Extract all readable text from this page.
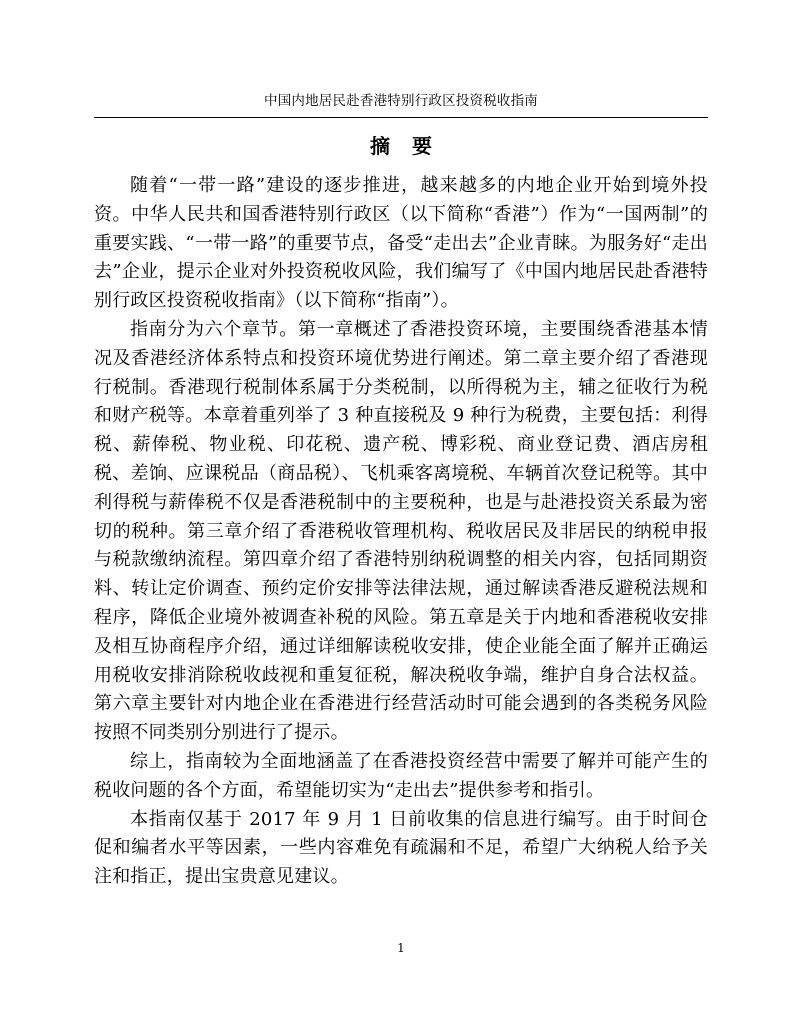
中国内地居民赴香港特别行政区投资税收指南
摘要

随着“一带一路”建设的逐步推进，越来越多的内地企业开始到境外投资。中华人民共和国香港特别行政区（以下简称“香港”）作为“一国两制”的重要实践、“一带一路”的重要节点，备受“走出去”企业青睐。为服务好“走出去”企业，提示企业对外投资税收风险，我们编写了《中国内地居民赴香港特别行政区投资税收指南》（以下简称“指南”）。

指南分为六个章节。第一章概述了香港投资环境，主要围绕香港基本情况及香港经济体系特点和投资环境优势进行阐述。第二章主要介绍了香港现行税制。香港现行税制体系属于分类税制，以所得税为主，辅之征收行为税和财产税等。本章着重列举了 3 种直接税及 9 种行为税费，主要包括：利得税、薪俸税、物业税、印花税、遗产税、博彩税、商业登记费、酒店房租税、差饷、应课税品（商品税）、飞机乘客离境税、车辆首次登记税等。其中利得税与薪俸税不仅是香港税制中的主要税种，也是与赴港投资关系最为密切的税种。第三章介绍了香港税收管理机构、税收居民及非居民的纳税申报与税款缴纳流程。第四章介绍了香港特别纳税调整的相关内容，包括同期资料、转让定价调查、预约定价安排等法律法规，通过解读香港反避税法规和程序，降低企业境外被调查补税的风险。第五章是关于内地和香港税收安排及相互协商程序介绍，通过详细解读税收安排，使企业能全面了解并正确运用税收安排消除税收歧视和重复征税，解决税收争端，维护自身合法权益。第六章主要针对内地企业在香港进行经营活动时可能会遇到的各类税务风险按照不同类别分别进行了提示。

综上，指南较为全面地涵盖了在香港投资经营中需要了解并可能产生的税收问题的各个方面，希望能切实为“走出去”提供参考和指引。

本指南仅基于 2017 年 9 月 1 日前收集的信息进行编写。由于时间仓促和编者水平等因素，一些内容难免有疏漏和不足，希望广大纳税人给予关注和指正，提出宝贵意见建议。

1
